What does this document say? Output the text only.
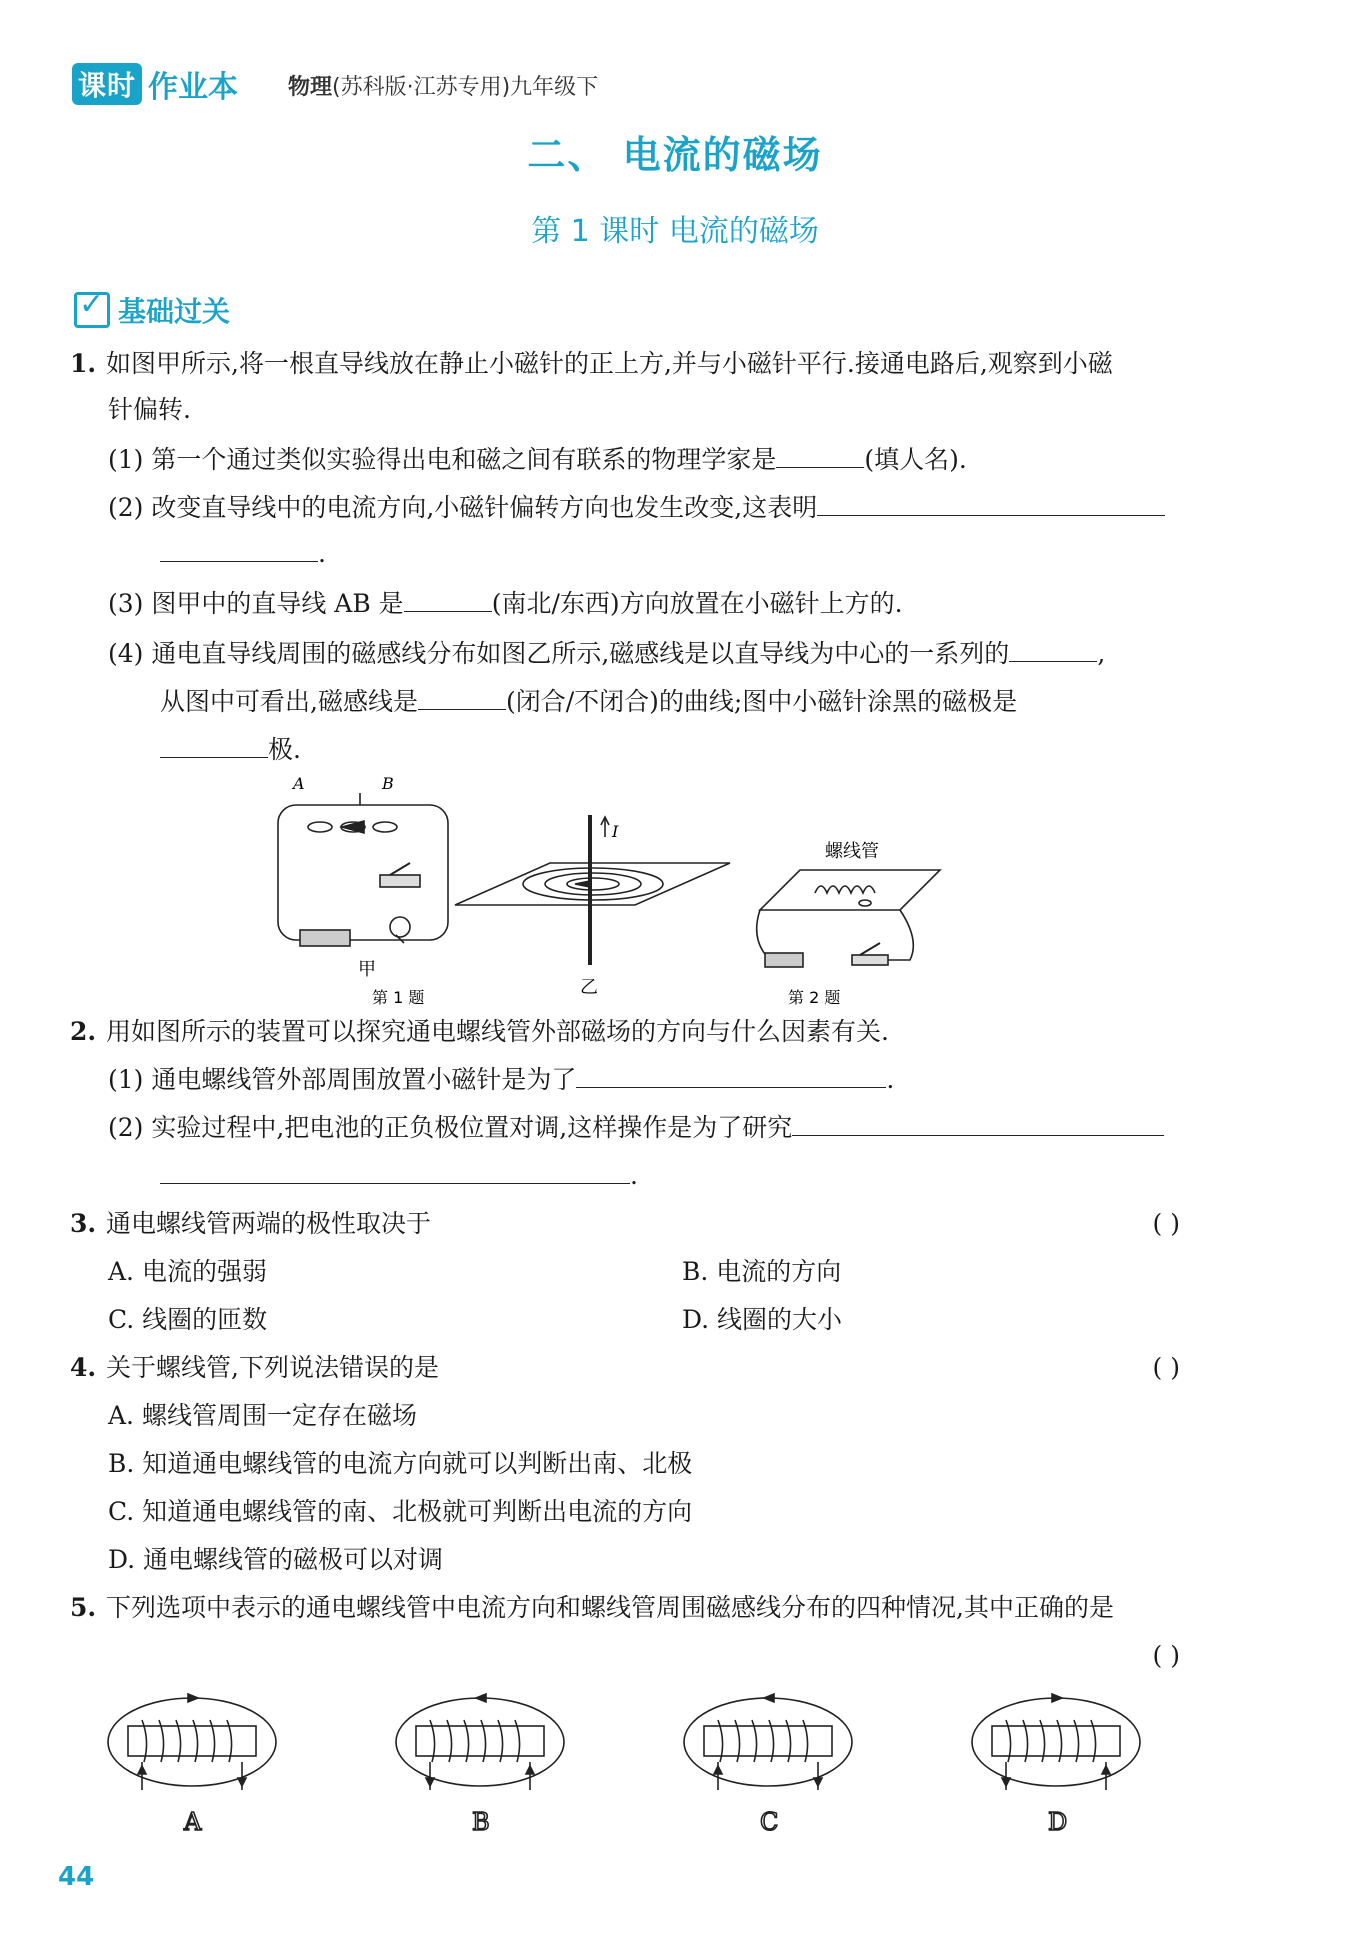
课时 作业本 物理(苏科版·江苏专用)九年级下
二、 电流的磁场
第 1 课时 电流的磁场
✓
基础过关
1. 如图甲所示,将一根直导线放在静止小磁针的正上方,并与小磁针平行.接通电路后,观察到小磁
针偏转.
(1) 第一个通过类似实验得出电和磁之间有联系的物理学家是	(填人名).
(2) 改变直导线中的电流方向,小磁针偏转方向也发生改变,这表明
.
(3) 图甲中的直导线 AB 是	(南北/东西)方向放置在小磁针上方的.
(4) 通电直导线周围的磁感线分布如图乙所示,磁感线是以直导线为中心的一系列的	,
从图中可看出,磁感线是	(闭合/不闭合)的曲线;图中小磁针涂黑的磁极是
极.
A	B
甲
I
乙
第 1 题
螺线管
第 2 题
2. 用如图所示的装置可以探究通电螺线管外部磁场的方向与什么因素有关.
(1) 通电螺线管外部周围放置小磁针是为了	.
(2) 实验过程中,把电池的正负极位置对调,这样操作是为了研究
.
3. 通电螺线管两端的极性取决于	( )
A. 电流的强弱	B. 电流的方向
C. 线圈的匝数	D. 线圈的大小
4. 关于螺线管,下列说法错误的是	( )
A. 螺线管周围一定存在磁场
B. 知道通电螺线管的电流方向就可以判断出南、北极
C. 知道通电螺线管的南、北极就可判断出电流的方向
D. 通电螺线管的磁极可以对调
5. 下列选项中表示的通电螺线管中电流方向和螺线管周围磁感线分布的四种情况,其中正确的是
( )
A	B	C	D
44
